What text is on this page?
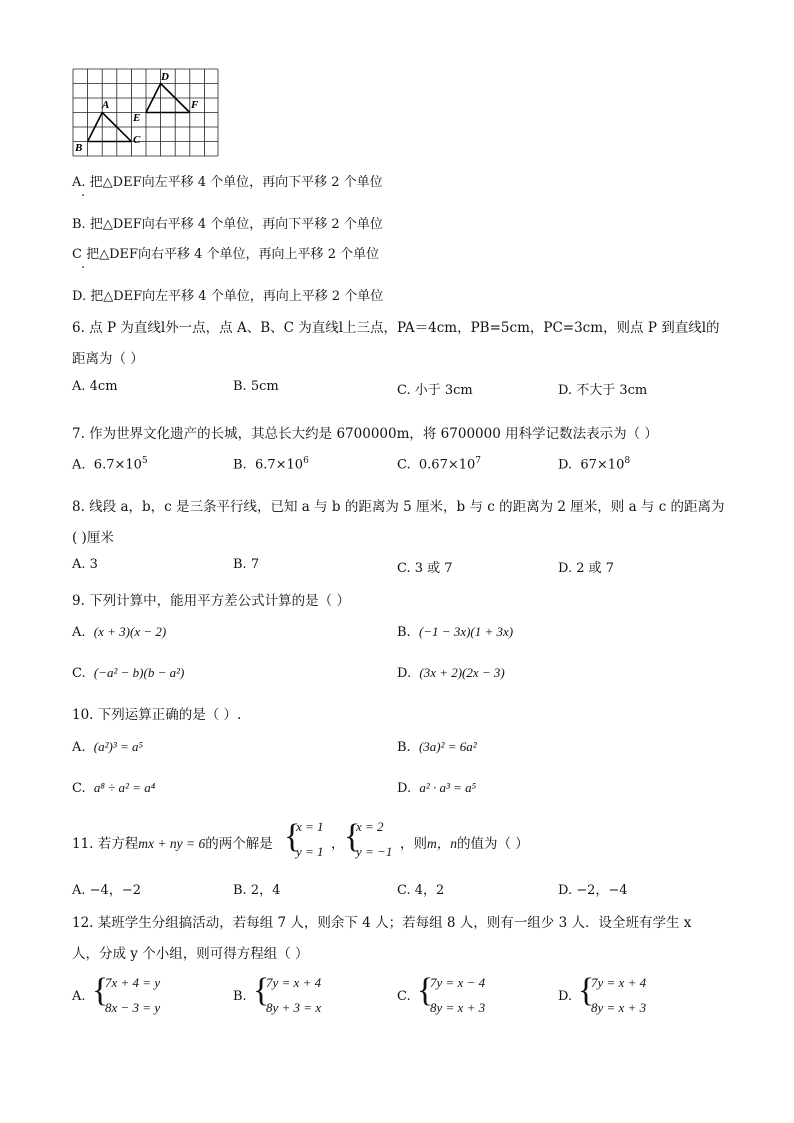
A
B
C
D
E
F
A. 把△DEF向左平移 4 个单位，再向下平移 2 个单位
B. 把△DEF向右平移 4 个单位，再向下平移 2 个单位
C 把△DEF向右平移 4 个单位，再向上平移 2 个单位
D. 把△DEF向左平移 4 个单位，再向上平移 2 个单位
6. 点 P 为直线l外一点，点 A、B、C 为直线l上三点，PA＝4cm，PB=5cm，PC=3cm，则点 P 到直线l的
距离为（ ）
A. 4cm	B. 5cm	C. 小于 3cm	D. 不大于 3cm
7. 作为世界文化遗产的长城，其总长大约是 6700000m，将 6700000 用科学记数法表示为（ ）
A. $6.7\times 10^5$	B. $6.7\times 10^6$	C. $0.67\times 10^7$	D. $67\times 10^8$
8. 线段 a，b，c 是三条平行线，已知 a 与 b 的距离为 5 厘米，b 与 c 的距离为 2 厘米，则 a 与 c 的距离为
( )厘米
A. 3	B. 7	C. 3 或 7	D. 2 或 7
9. 下列计算中，能用平方差公式计算的是（ ）
A. (x + 3)(x − 2)	B. (−1 − 3x)(1 + 3x)
C. (−a² − b)(b − a²)	D. (3x + 2)(2x − 3)
10. 下列运算正确的是（ ）.
A. (a²)³ = a⁵	B. (3a)² = 6a²
C. a⁸ ÷ a² = a⁴	D. a² · a³ = a⁵
11. 若方程mx + ny = 6的两个解是 {
x = 1
y = 1 ， {
x = 2
y = −1 ，则m，n的值为（ ）
A. −4，−2	B. 2，4	C. 4，2	D. −2，−4
12. 某班学生分组搞活动，若每组 7 人，则余下 4 人；若每组 8 人，则有一组少 3 人．设全班有学生 x
人，分成 y 个小组，则可得方程组（ ）
A. {
7x + 4 = y
8x − 3 = y
B. {
7y = x + 4
8y + 3 = x
C. {
7y = x − 4
8y = x + 3
D. {
7y = x + 4
8y = x + 3
